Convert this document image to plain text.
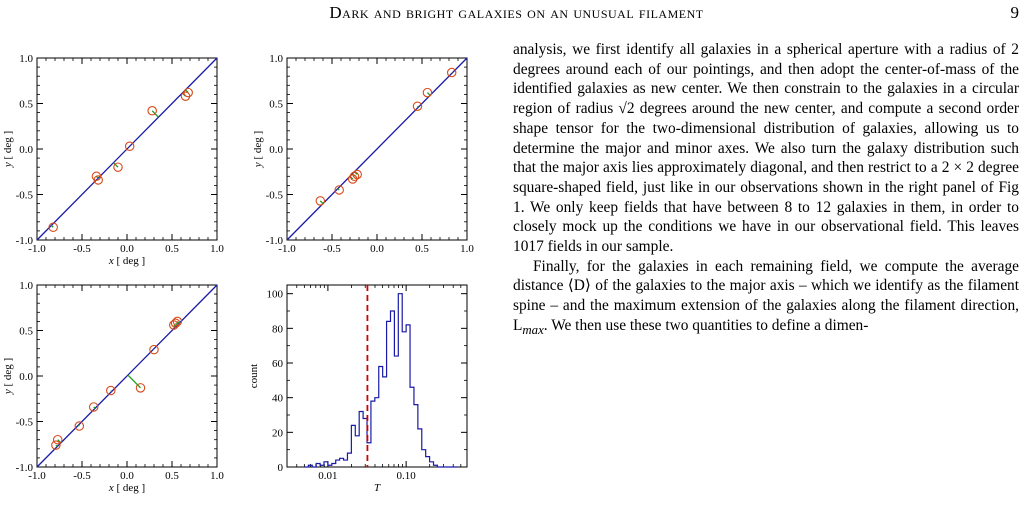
Dark and bright galaxies on an unusual filament	9
-1.0
-1.0
-0.5
-0.5
0.0
0.0
0.5
0.5
1.0
1.0
x [ deg ]
y [ deg ]
-1.0
-1.0
-0.5
-0.5
0.0
0.0
0.5
0.5
1.0
1.0
y [ deg ]
-1.0
-1.0
-0.5
-0.5
0.0
0.0
0.5
0.5
1.0
1.0
x [ deg ]
y [ deg ]
0
20
40
60
80
100
0.01	0.10
T
count

analysis, we first identify all galaxies in a spherical aperture with a radius of 2 degrees around each of our pointings, and then adopt the center-of-mass of the identified galaxies as new center. We then constrain to the galaxies in a circular region of radius √2 degrees around the new center, and compute a second order shape tensor for the two-dimensional distribution of galaxies, allowing us to determine the major and minor axes. We also turn the galaxy distribution such that the major axis lies approximately diagonal, and then restrict to a 2 × 2 degree square-shaped field, just like in our observations shown in the right panel of Fig 1. We only keep fields that have between 8 to 12 galaxies in them, in order to closely mock up the conditions we have in our observational field. This leaves 1017 fields in our sample.

Finally, for the galaxies in each remaining field, we compute the average distance ⟨D⟩ of the galaxies to the major axis – which we identify as the filament spine – and the maximum extension of the galaxies along the filament direction, $L_{max}$. We then use these two quantities to define a dimen-
